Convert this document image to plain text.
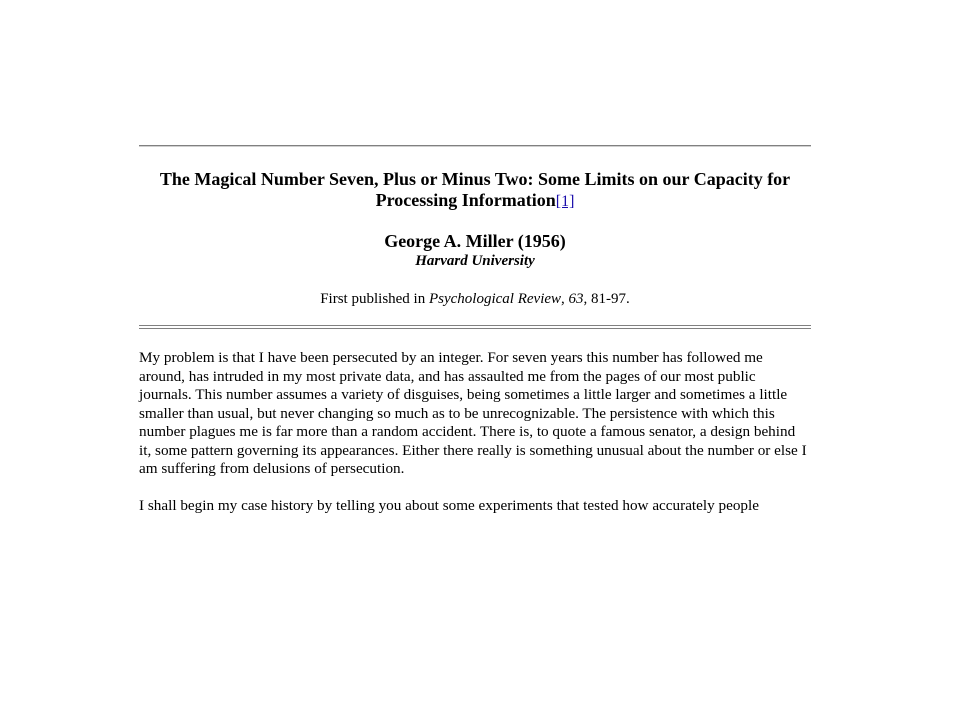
The Magical Number Seven, Plus or Minus Two: Some Limits on our Capacity for Processing Information[1]
George A. Miller (1956)
Harvard University
First published in Psychological Review, 63, 81-97.

My problem is that I have been persecuted by an integer. For seven years this number has followed me around, has intruded in my most private data, and has assaulted me from the pages of our most public journals. This number assumes a variety of disguises, being sometimes a little larger and sometimes a little smaller than usual, but never changing so much as to be unrecognizable. The persistence with which this number plagues me is far more than a random accident. There is, to quote a famous senator, a design behind it, some pattern governing its appearances. Either there really is something unusual about the number or else I am suffering from delusions of persecution.

I shall begin my case history by telling you about some experiments that tested how accurately people
